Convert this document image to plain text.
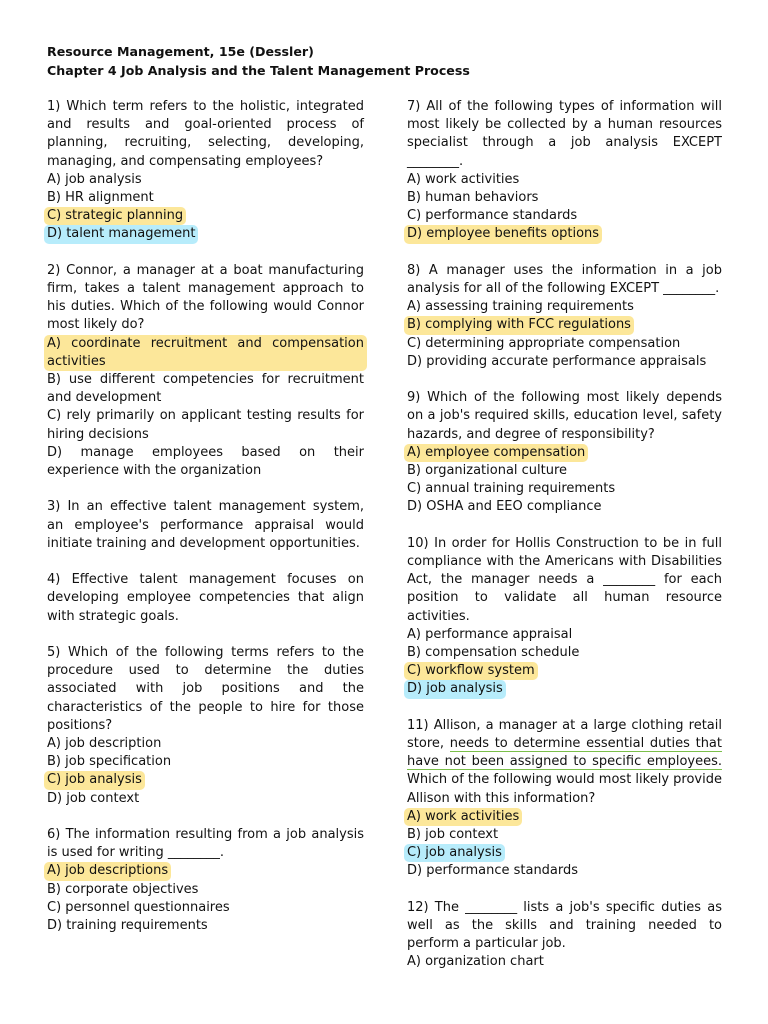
Resource Management, 15e (Dessler)
Chapter 4 Job Analysis and the Talent Management Process
1) Which term refers to the holistic, integrated and results and goal-oriented process of planning, recruiting, selecting, developing, managing, and compensating employees?
A) job analysis
B) HR alignment
C) strategic planning
D) talent management
2) Connor, a manager at a boat manufacturing firm, takes a talent management approach to his duties. Which of the following would Connor most likely do?
A) coordinate recruitment and compensation activities
B) use different competencies for recruitment and development
C) rely primarily on applicant testing results for hiring decisions
D) manage employees based on their experience with the organization
3) In an effective talent management system, an employee's performance appraisal would initiate training and development opportunities.
4) Effective talent management focuses on developing employee competencies that align with strategic goals.
5) Which of the following terms refers to the procedure used to determine the duties associated with job positions and the characteristics of the people to hire for those positions?
A) job description
B) job specification
C) job analysis
D) job context
6) The information resulting from a job analysis is used for writing ________.
A) job descriptions
B) corporate objectives
C) personnel questionnaires
D) training requirements
7) All of the following types of information will most likely be collected by a human resources specialist through a job analysis EXCEPT ________.
A) work activities
B) human behaviors
C) performance standards
D) employee benefits options
8) A manager uses the information in a job analysis for all of the following EXCEPT ________.
A) assessing training requirements
B) complying with FCC regulations
C) determining appropriate compensation
D) providing accurate performance appraisals
9) Which of the following most likely depends on a job's required skills, education level, safety hazards, and degree of responsibility?
A) employee compensation
B) organizational culture
C) annual training requirements
D) OSHA and EEO compliance
10) In order for Hollis Construction to be in full compliance with the Americans with Disabilities Act, the manager needs a ________ for each position to validate all human resource activities.
A) performance appraisal
B) compensation schedule
C) workflow system
D) job analysis
11) Allison, a manager at a large clothing retail store, needs to determine essential duties that have not been assigned to specific employees. Which of the following would most likely provide Allison with this information?
A) work activities
B) job context
C) job analysis
D) performance standards
12) The ________ lists a job's specific duties as well as the skills and training needed to perform a particular job.
A) organization chart
